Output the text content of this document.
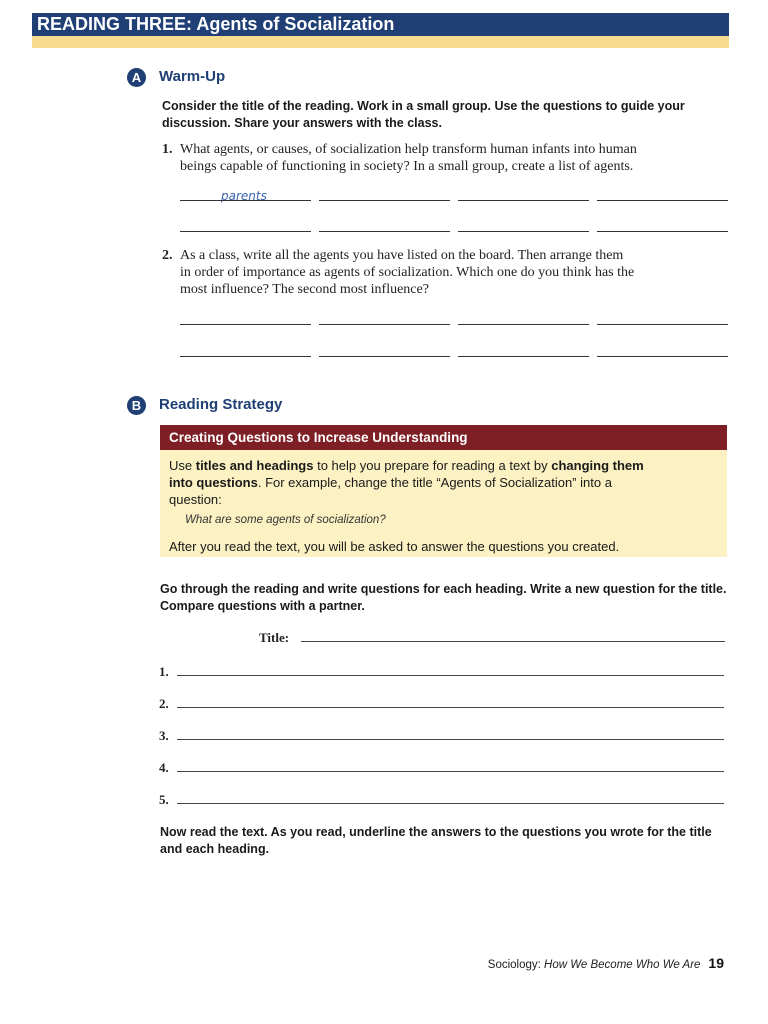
READING THREE: Agents of Socialization
A	Warm-Up
Consider the title of the reading. Work in a small group. Use the questions to guide your discussion. Share your answers with the class.
1. What agents, or causes, of socialization help transform human infants into human
beings capable of functioning in society? In a small group, create a list of agents.
parents
2. As a class, write all the agents you have listed on the board. Then arrange them
in order of importance as agents of socialization. Which one do you think has the
most influence? The second most influence?
B	Reading Strategy
Creating Questions to Increase Understanding
Use titles and headings to help you prepare for reading a text by changing them
into questions. For example, change the title “Agents of Socialization” into a
question:
What are some agents of socialization?
After you read the text, you will be asked to answer the questions you created.
Go through the reading and write questions for each heading. Write a new question for the title. Compare questions with a partner.
Title:
1.
2.
3.
4.
5.
Now read the text. As you read, underline the answers to the questions you wrote for the title and each heading.
Sociology: How We Become Who We Are 19
